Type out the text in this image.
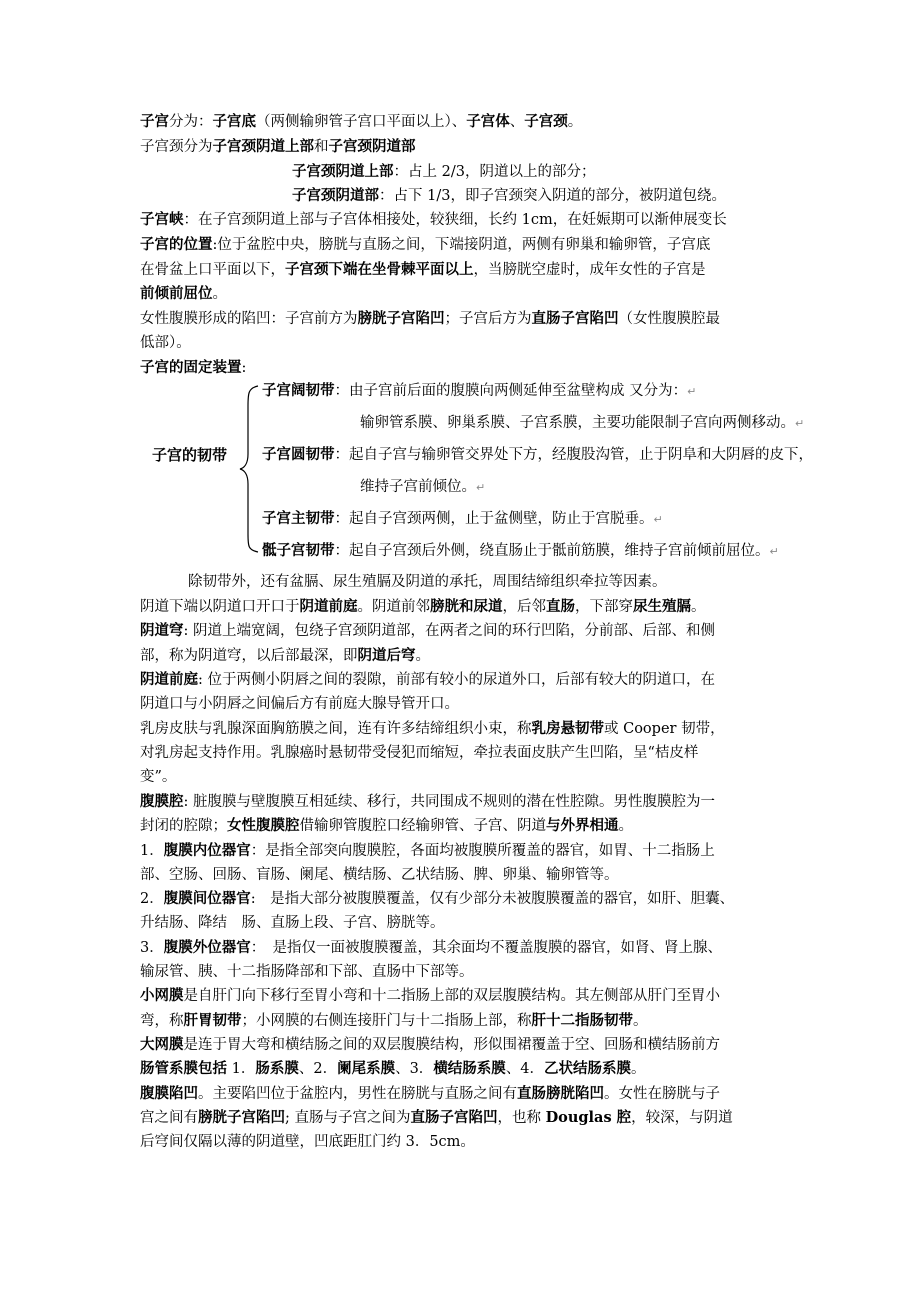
子宫分为：子宫底（两侧输卵管子宫口平面以上）、子宫体、子宫颈。
子宫颈分为子宫颈阴道上部和子宫颈阴道部
子宫颈阴道上部：占上 2/3，阴道以上的部分；
子宫颈阴道部：占下 1/3，即子宫颈突入阴道的部分，被阴道包绕。
子宫峡：在子宫颈阴道上部与子宫体相接处，较狭细，长约 1cm，在妊娠期可以渐伸展变长
子宫的位置:位于盆腔中央，膀胱与直肠之间，下端接阴道，两侧有卵巢和输卵管，子宫底
在骨盆上口平面以下，子宫颈下端在坐骨棘平面以上，当膀胱空虚时，成年女性的子宫是
前倾前屈位。
女性腹膜形成的陷凹：子宫前方为膀胱子宫陷凹；子宫后方为直肠子宫陷凹（女性腹膜腔最
低部）。
子宫的固定装置:
子宫的韧带
子宫阔韧带：由子宫前后面的腹膜向两侧延伸至盆壁构成 又分为：↵
输卵管系膜、卵巢系膜、子宫系膜，主要功能限制子宫向两侧移动。↵
子宫圆韧带：起自子宫与输卵管交界处下方，经腹股沟管，止于阴阜和大阴唇的皮下，
维持子宫前倾位。↵
子宫主韧带：起自子宫颈两侧，止于盆侧壁，防止于宫脱垂。↵
骶子宫韧带：起自子宫颈后外侧，绕直肠止于骶前筋膜，维持子宫前倾前屈位。↵
除韧带外，还有盆膈、尿生殖膈及阴道的承托，周围结缔组织牵拉等因素。
阴道下端以阴道口开口于阴道前庭。阴道前邻膀胱和尿道，后邻直肠，下部穿尿生殖膈。
阴道穹: 阴道上端宽阔，包绕子宫颈阴道部，在两者之间的环行凹陷，分前部、后部、和侧
部，称为阴道穹，以后部最深，即阴道后穹。
阴道前庭: 位于两侧小阴唇之间的裂隙，前部有较小的尿道外口，后部有较大的阴道口，在
阴道口与小阴唇之间偏后方有前庭大腺导管开口。
乳房皮肤与乳腺深面胸筋膜之间，连有许多结缔组织小束，称乳房悬韧带或 Cooper 韧带，
对乳房起支持作用。乳腺癌时悬韧带受侵犯而缩短，牵拉表面皮肤产生凹陷，呈“桔皮样
变”。
腹膜腔: 脏腹膜与壁腹膜互相延续、移行，共同围成不规则的潜在性腔隙。男性腹膜腔为一
封闭的腔隙；女性腹膜腔借输卵管腹腔口经输卵管、子宫、阴道与外界相通。
1．腹膜内位器官：是指全部突向腹膜腔，各面均被腹膜所覆盖的器官，如胃、十二指肠上
部、空肠、回肠、盲肠、阑尾、横结肠、乙状结肠、脾、卵巢、输卵管等。
2．腹膜间位器官:　是指大部分被腹膜覆盖，仅有少部分未被腹膜覆盖的器官，如肝、胆囊、
升结肠、降结　肠、直肠上段、子宫、膀胱等。
3．腹膜外位器官：　是指仅一面被腹膜覆盖，其余面均不覆盖腹膜的器官，如肾、肾上腺、
输尿管、胰、十二指肠降部和下部、直肠中下部等。
小网膜是自肝门向下移行至胃小弯和十二指肠上部的双层腹膜结构。其左侧部从肝门至胃小
弯，称肝胃韧带；小网膜的右侧连接肝门与十二指肠上部，称肝十二指肠韧带。
大网膜是连于胃大弯和横结肠之间的双层腹膜结构，形似围裙覆盖于空、回肠和横结肠前方
肠管系膜包括 1．肠系膜、2．阑尾系膜、3．横结肠系膜、4．乙状结肠系膜。
腹膜陷凹。主要陷凹位于盆腔内，男性在膀胱与直肠之间有直肠膀胱陷凹。女性在膀胱与子
宫之间有膀胱子宫陷凹; 直肠与子宫之间为直肠子宫陷凹，也称 Douglas 腔，较深，与阴道
后穹间仅隔以薄的阴道壁，凹底距肛门约 3．5cm。
